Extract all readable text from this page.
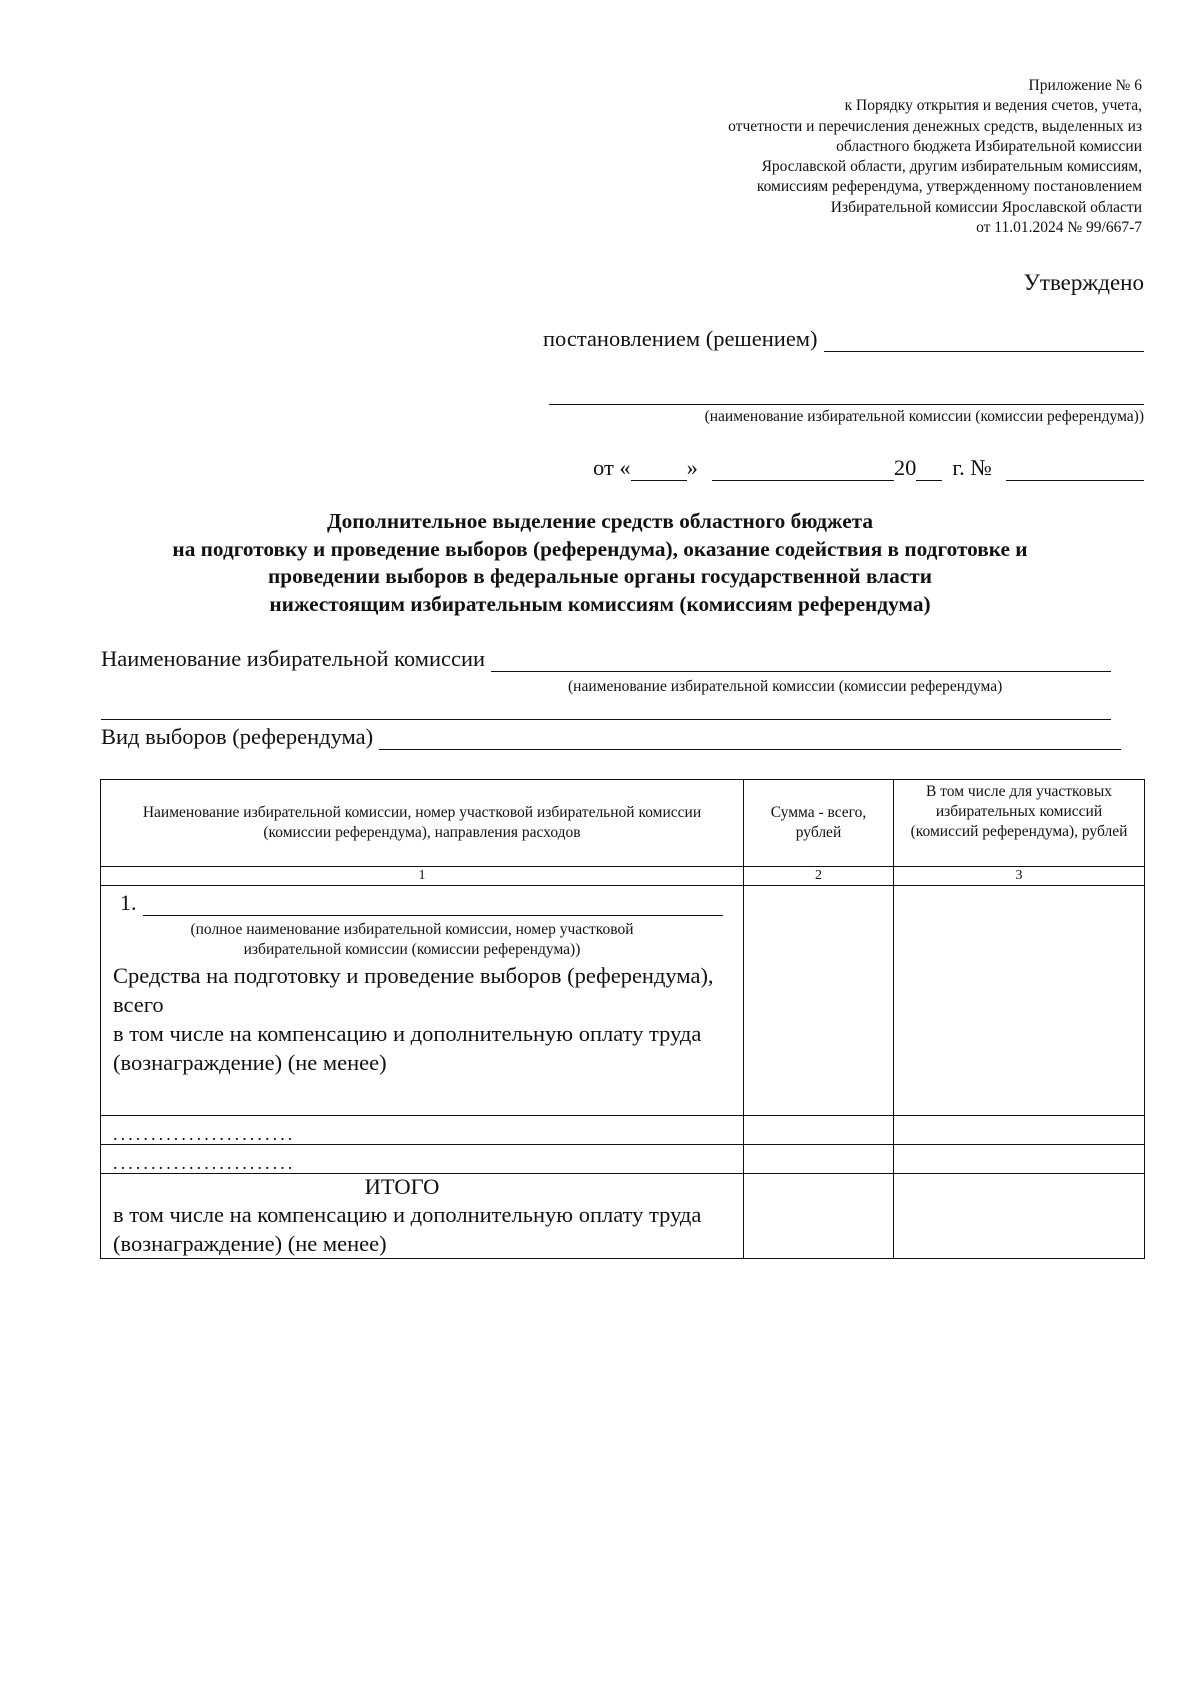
Приложение № 6
к Порядку открытия и ведения счетов, учета,
отчетности и перечисления денежных средств, выделенных из
областного бюджета Избирательной комиссии
Ярославской области, другим избирательным комиссиям,
комиссиям референдума, утвержденному постановлением
Избирательной комиссии Ярославской области
от 11.01.2024 № 99/667-7
Утверждено
постановлением (решением)
(наименование избирательной комиссии (комиссии референдума))
от « »	20 г. №
Дополнительное выделение средств областного бюджета
на подготовку и проведение выборов (референдума), оказание содействия в подготовке и
проведении выборов в федеральные органы государственной власти
нижестоящим избирательным комиссиям (комиссиям референдума)
Наименование избирательной комиссии
(наименование избирательной комиссии (комиссии референдума)
Вид выборов (референдума)
Наименование избирательной комиссии, номер участковой избирательной комиссии (комиссии референдума), направления расходов	Сумма - всего, рублей	В том числе для участковых избирательных комиссий (комиссий референдума), рублей
1	2	3

1.
(полное наименование избирательной комиссии, номер участковой избирательной комиссии (комиссии референдума))
Средства на подготовку и проведение выборов (референдума), всего
в том числе на компенсацию и дополнительную оплату труда (вознаграждение) (не менее)		

........................		

........................		

ИТОГО
в том числе на компенсацию и дополнительную оплату труда (вознаграждение) (не менее)		
